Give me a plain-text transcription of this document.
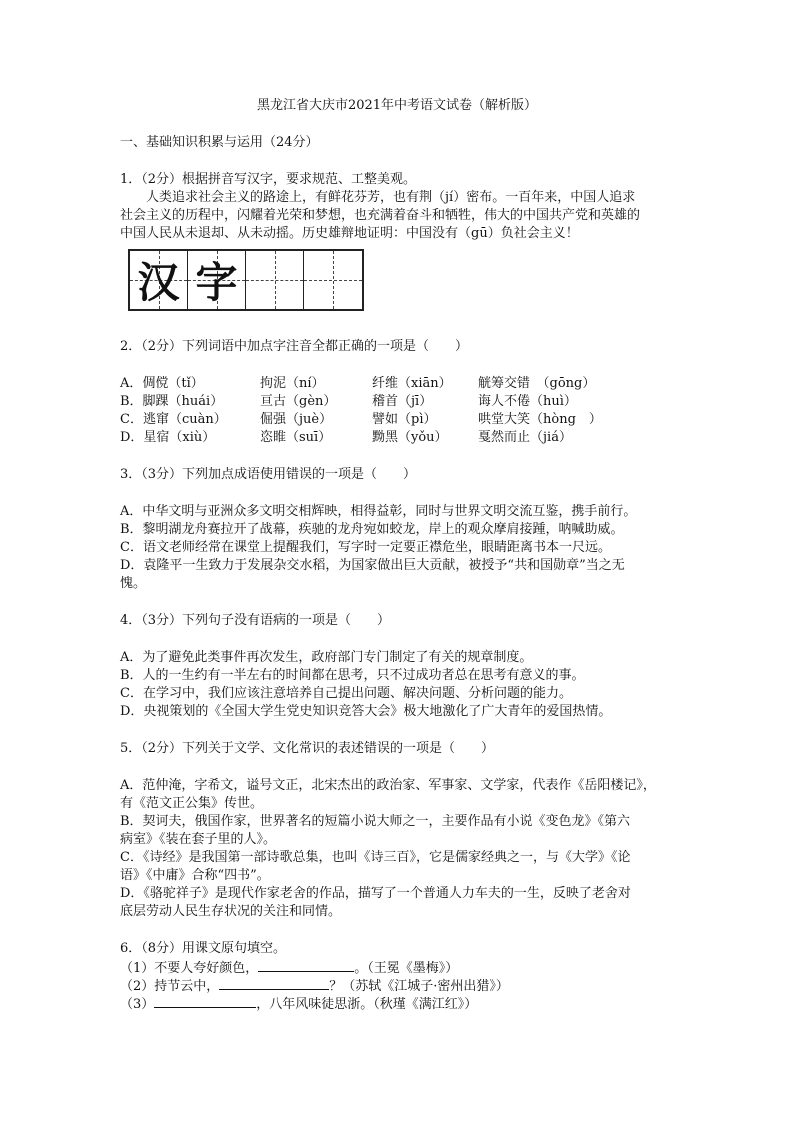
黑龙江省大庆市2021年中考语文试卷（解析版）
一、基础知识积累与运用（24分）
1．（2分）根据拼音写汉字，要求规范、工整美观。
人类追求社会主义的路途上，有鲜花芬芳，也有荆（jí）密布。一百年来，中国人追求
社会主义的历程中，闪耀着光荣和梦想，也充满着奋斗和牺牲，伟大的中国共产党和英雄的
中国人民从未退却、从未动摇。历史雄辩地证明：中国没有（gū）负社会主义！
汉 字
2．（2分）下列词语中加点字注音全都正确的一项是（　　）
A．倜傥（tǐ）	拘泥（ní）	纤维（xiān） 觥筹交错　（gōng）
B．脚踝（huái）	亘古（gèn）	稽首（jī）	诲人不倦（huì）
C．逃窜（cuàn）	倔强（juè）	譬如（pì）	哄堂大笑（hòng　）
D．星宿（xiù）	恣睢（suī）	黝黑（yǒu） 戛然而止（jiá）
3．（3分）下列加点成语使用错误的一项是（　　）
A．中华文明与亚洲众多文明交相辉映，相得益彰，同时与世界文明交流互鉴，携手前行。
B．黎明湖龙舟赛拉开了战幕，疾驰的龙舟宛如蛟龙，岸上的观众摩肩接踵，呐喊助威。
C．语文老师经常在课堂上提醒我们，写字时一定要正襟危坐，眼睛距离书本一尺远。
D．袁隆平一生致力于发展杂交水稻，为国家做出巨大贡献，被授予“共和国勋章”当之无
愧。
4．（3分）下列句子没有语病的一项是（　　）
A．为了避免此类事件再次发生，政府部门专门制定了有关的规章制度。
B．人的一生约有一半左右的时间都在思考，只不过成功者总在思考有意义的事。
C．在学习中，我们应该注意培养自己提出问题、解决问题、分析问题的能力。
D．央视策划的《全国大学生党史知识竞答大会》极大地激化了广大青年的爱国热情。
5．（2分）下列关于文学、文化常识的表述错误的一项是（　　）
A．范仲淹，字希文，谥号文正，北宋杰出的政治家、军事家、文学家，代表作《岳阳楼记》，
有《范文正公集》传世。
B．契诃夫，俄国作家，世界著名的短篇小说大师之一，主要作品有小说《变色龙》《第六
病室》《装在套子里的人》。
C．《诗经》是我国第一部诗歌总集，也叫《诗三百》，它是儒家经典之一，与《大学》《论
语》《中庸》合称“四书”。
D．《骆驼祥子》是现代作家老舍的作品，描写了一个普通人力车夫的一生，反映了老舍对
底层劳动人民生存状况的关注和同情。
6．（8分）用课文原句填空。
（1）不要人夸好颜色，	。（王冕《墨梅》）
（2）持节云中，	？（苏轼《江城子·密州出猎》）
（3）	，八年风味徒思浙。（秋瑾《满江红》）
